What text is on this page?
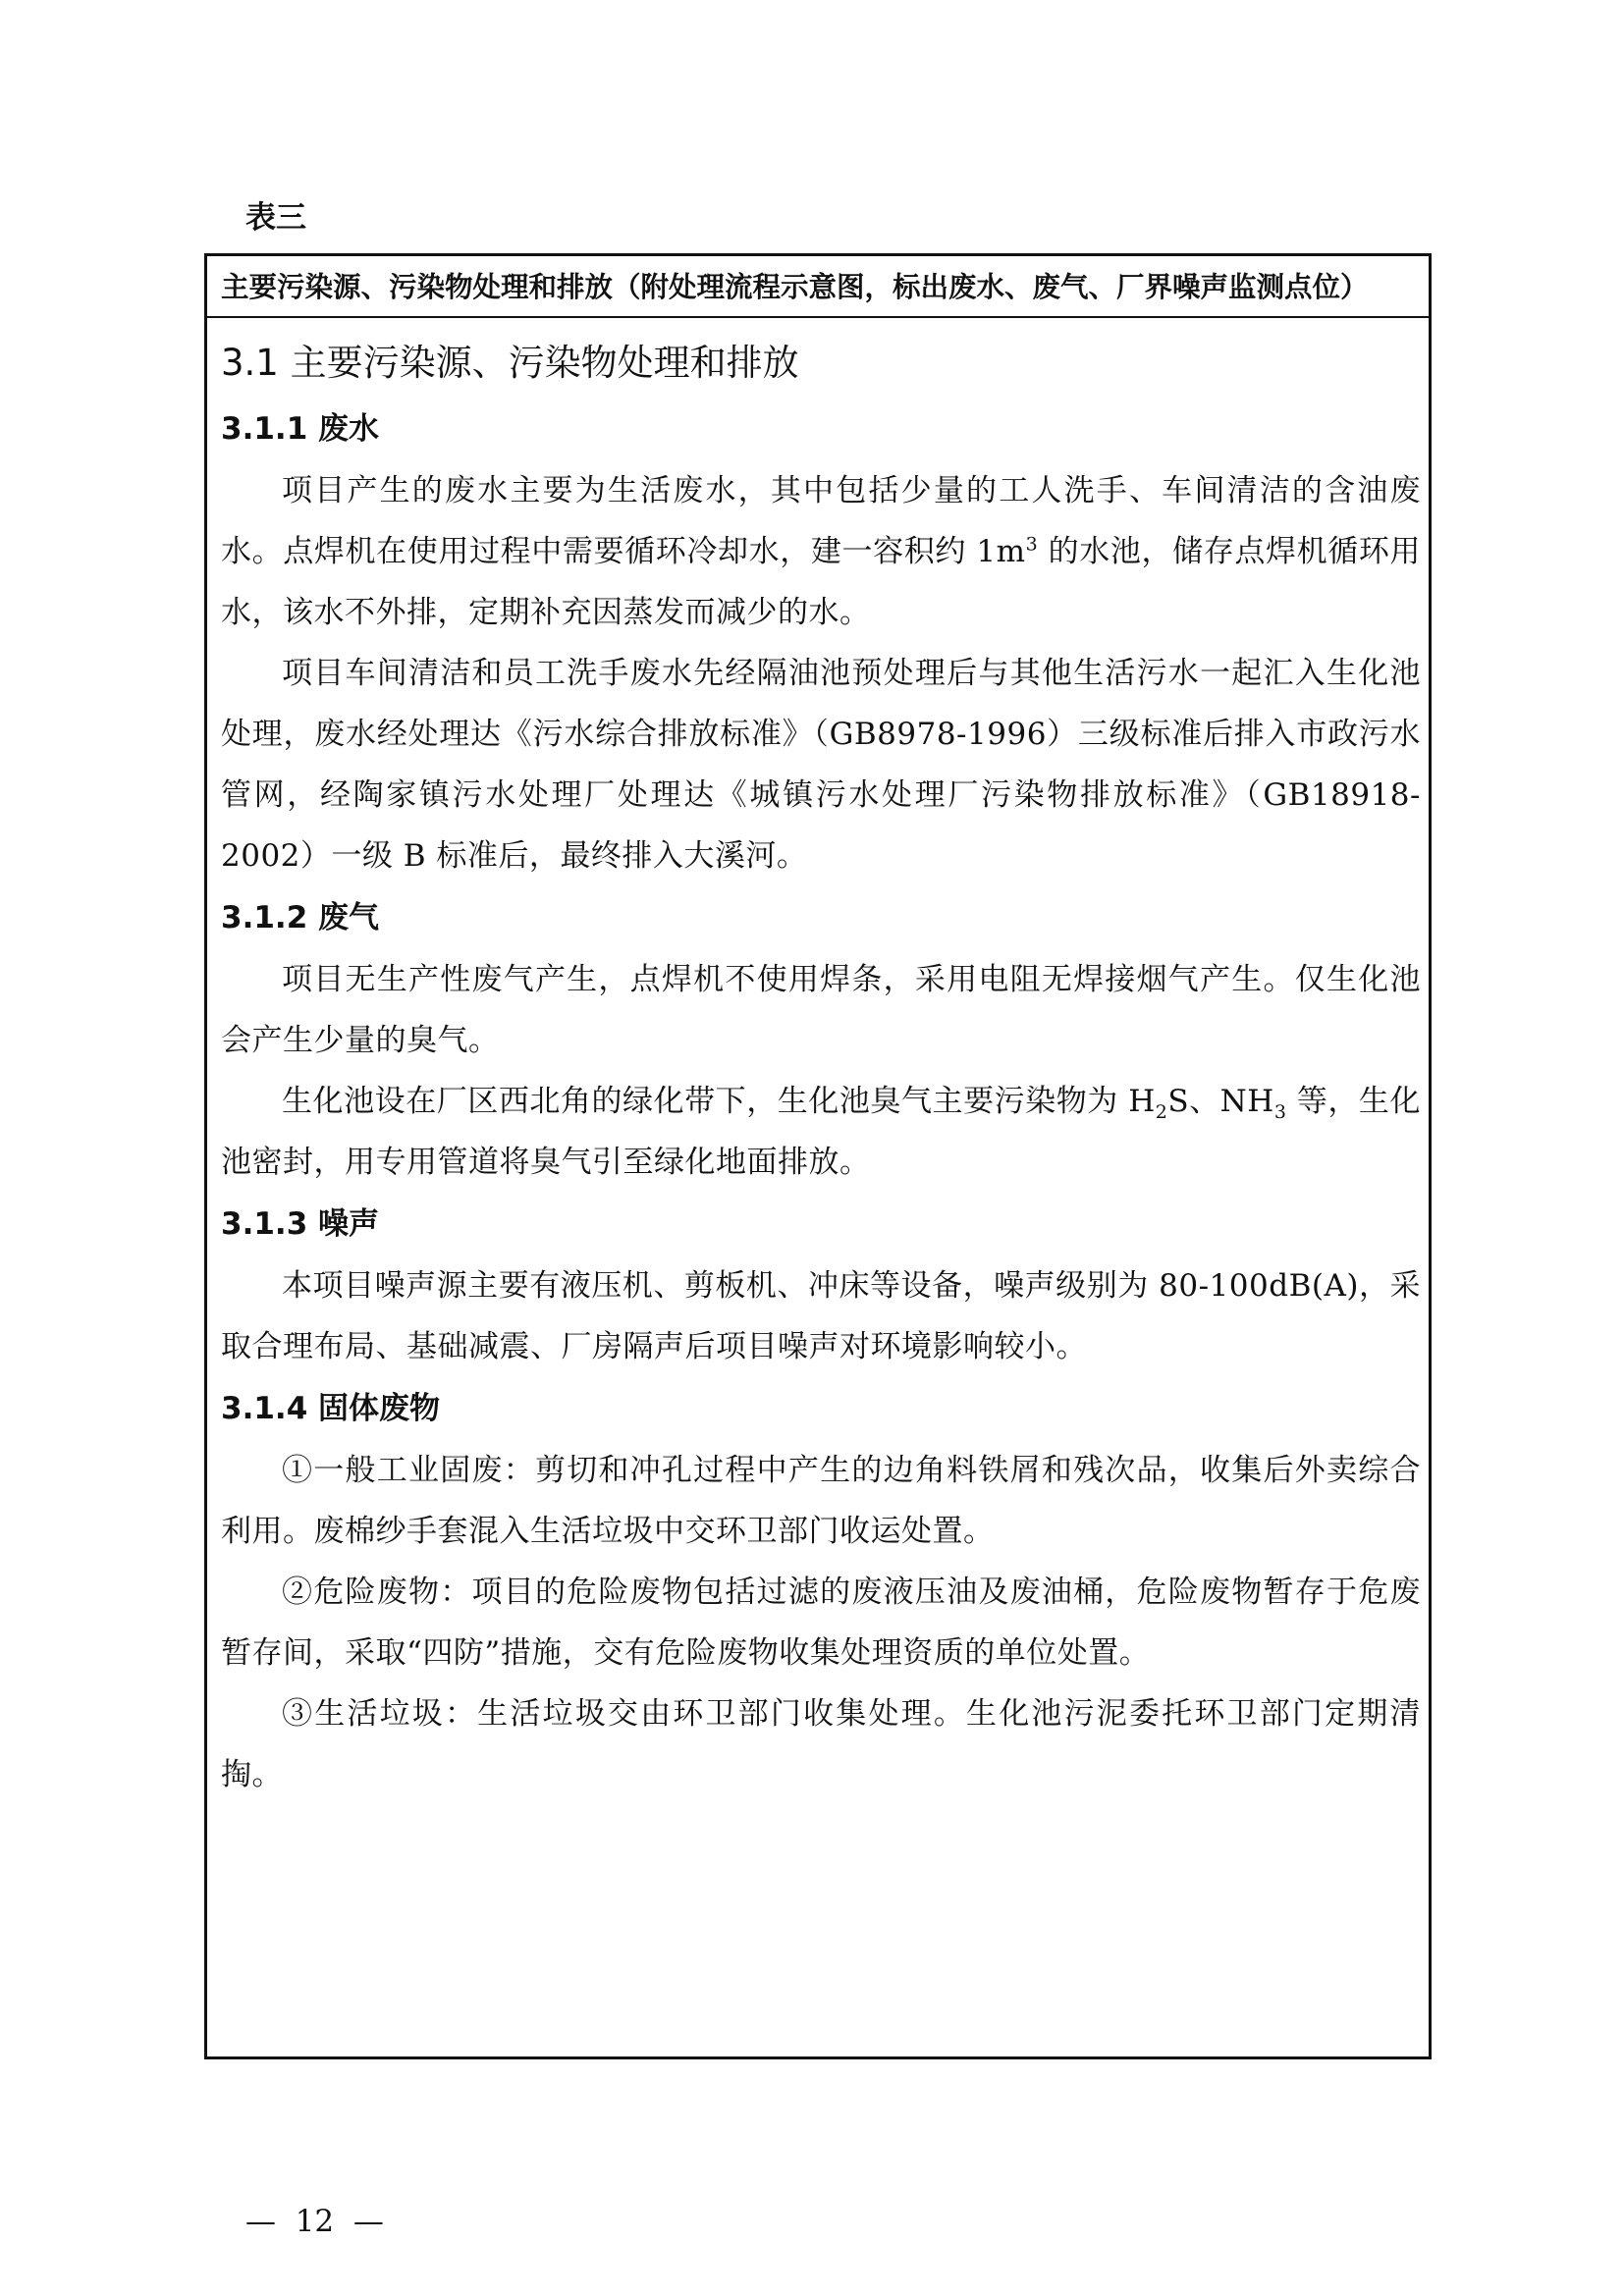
表三
主要污染源、污染物处理和排放（附处理流程示意图，标出废水、废气、厂界噪声监测点位）
3.1 主要污染源、污染物处理和排放
3.1.1 废水

项目产生的废水主要为生活废水，其中包括少量的工人洗手、车间清洁的含油废水。点焊机在使用过程中需要循环冷却水，建一容积约 $1m^3$ 的水池，储存点焊机循环用水，该水不外排，定期补充因蒸发而减少的水。

项目车间清洁和员工洗手废水先经隔油池预处理后与其他生活污水一起汇入生化池处理，废水经处理达《污水综合排放标准》（GB8978-1996）三级标准后排入市政污水管网，经陶家镇污水处理厂处理达《城镇污水处理厂污染物排放标准》（GB18918-2002）一级 B 标准后，最终排入大溪河。

3.1.2 废气

项目无生产性废气产生，点焊机不使用焊条，采用电阻无焊接烟气产生。仅生化池会产生少量的臭气。

生化池设在厂区西北角的绿化带下，生化池臭气主要污染物为 $H_2S$、$NH_3$ 等，生化池密封，用专用管道将臭气引至绿化地面排放。

3.1.3 噪声

本项目噪声源主要有液压机、剪板机、冲床等设备，噪声级别为 80-100dB(A)，采取合理布局、基础减震、厂房隔声后项目噪声对环境影响较小。

3.1.4 固体废物

①一般工业固废：剪切和冲孔过程中产生的边角料铁屑和残次品，收集后外卖综合利用。废棉纱手套混入生活垃圾中交环卫部门收运处置。

②危险废物：项目的危险废物包括过滤的废液压油及废油桶，危险废物暂存于危废暂存间，采取“四防”措施，交有危险废物收集处理资质的单位处置。

③生活垃圾：生活垃圾交由环卫部门收集处理。生化池污泥委托环卫部门定期清掏。

—  12  —
